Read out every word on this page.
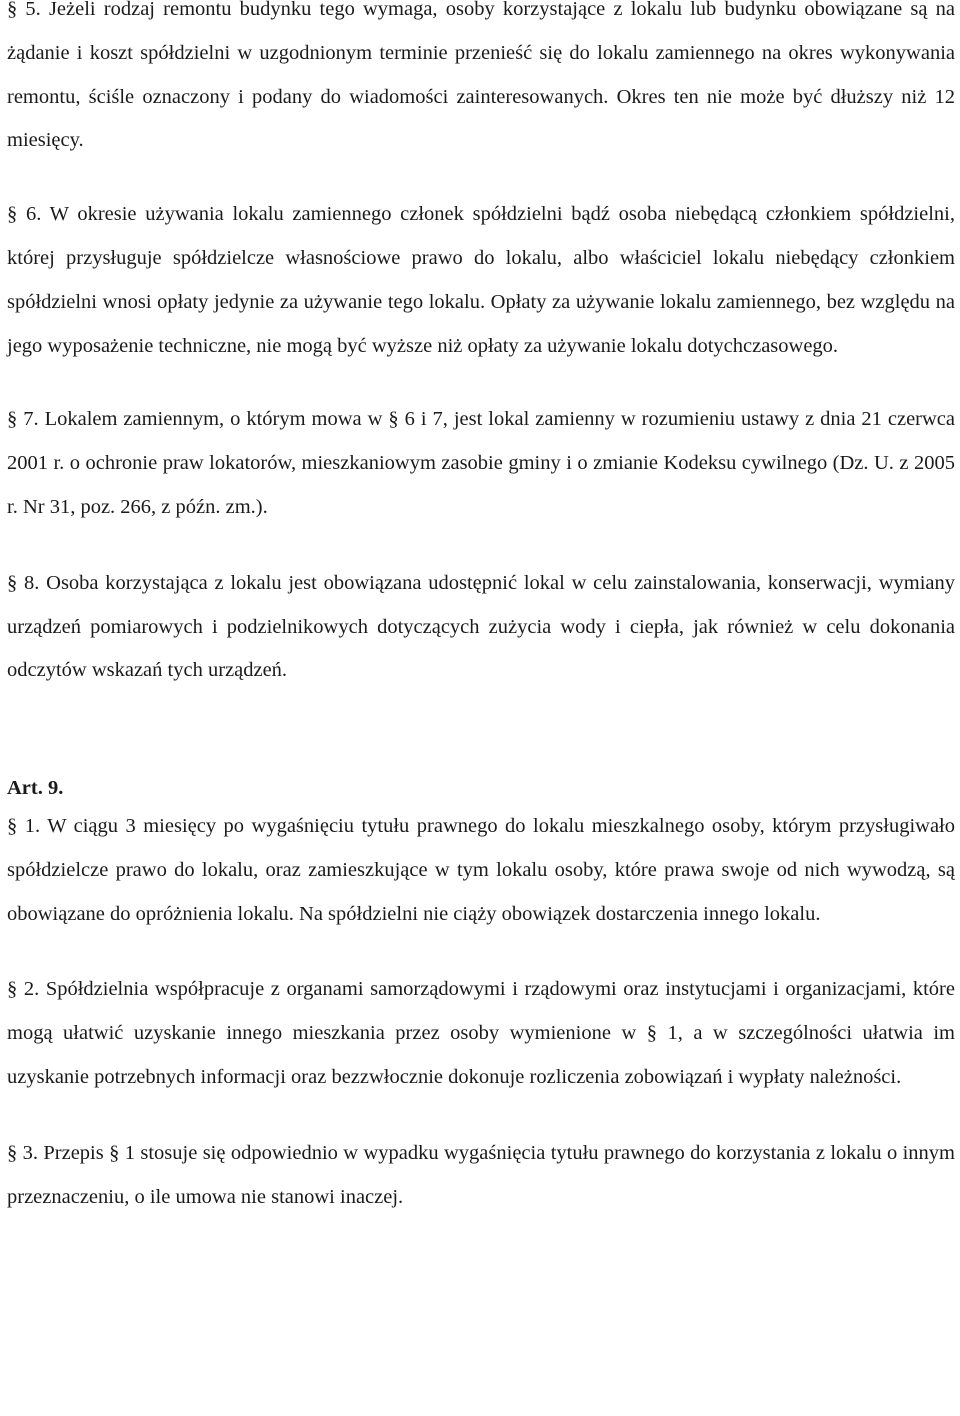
§ 5. Jeżeli rodzaj remontu budynku tego wymaga, osoby korzystające z lokalu lub budynku obowiązane są na żądanie i koszt spółdzielni w uzgodnionym terminie przenieść się do lokalu zamiennego na okres wykonywania remontu, ściśle oznaczony i podany do wiadomości zainteresowanych. Okres ten nie może być dłuższy niż 12 miesięcy.

§ 6. W okresie używania lokalu zamiennego członek spółdzielni bądź osoba niebędącą członkiem spółdzielni, której przysługuje spółdzielcze własnościowe prawo do lokalu, albo właściciel lokalu niebędący członkiem spółdzielni wnosi opłaty jedynie za używanie tego lokalu. Opłaty za używanie lokalu zamiennego, bez względu na jego wyposażenie techniczne, nie mogą być wyższe niż opłaty za używanie lokalu dotychczasowego.

§ 7. Lokalem zamiennym, o którym mowa w § 6 i 7, jest lokal zamienny w rozumieniu ustawy z dnia 21 czerwca 2001 r. o ochronie praw lokatorów, mieszkaniowym zasobie gminy i o zmianie Kodeksu cywilnego (Dz. U. z 2005 r. Nr 31, poz. 266, z późn. zm.).

§ 8. Osoba korzystająca z lokalu jest obowiązana udostępnić lokal w celu zainstalowania, konserwacji, wymiany urządzeń pomiarowych i podzielnikowych dotyczących zużycia wody i ciepła, jak również w celu dokonania odczytów wskazań tych urządzeń.

Art. 9.

§ 1. W ciągu 3 miesięcy po wygaśnięciu tytułu prawnego do lokalu mieszkalnego osoby, którym przysługiwało spółdzielcze prawo do lokalu, oraz zamieszkujące w tym lokalu osoby, które prawa swoje od nich wywodzą, są obowiązane do opróżnienia lokalu. Na spółdzielni nie ciąży obowiązek dostarczenia innego lokalu.

§ 2. Spółdzielnia współpracuje z organami samorządowymi i rządowymi oraz instytucjami i organizacjami, które mogą ułatwić uzyskanie innego mieszkania przez osoby wymienione w § 1, a w szczególności ułatwia im uzyskanie potrzebnych informacji oraz bezzwłocznie dokonuje rozliczenia zobowiązań i wypłaty należności.

§ 3. Przepis § 1 stosuje się odpowiednio w wypadku wygaśnięcia tytułu prawnego do korzystania z lokalu o innym przeznaczeniu, o ile umowa nie stanowi inaczej.
